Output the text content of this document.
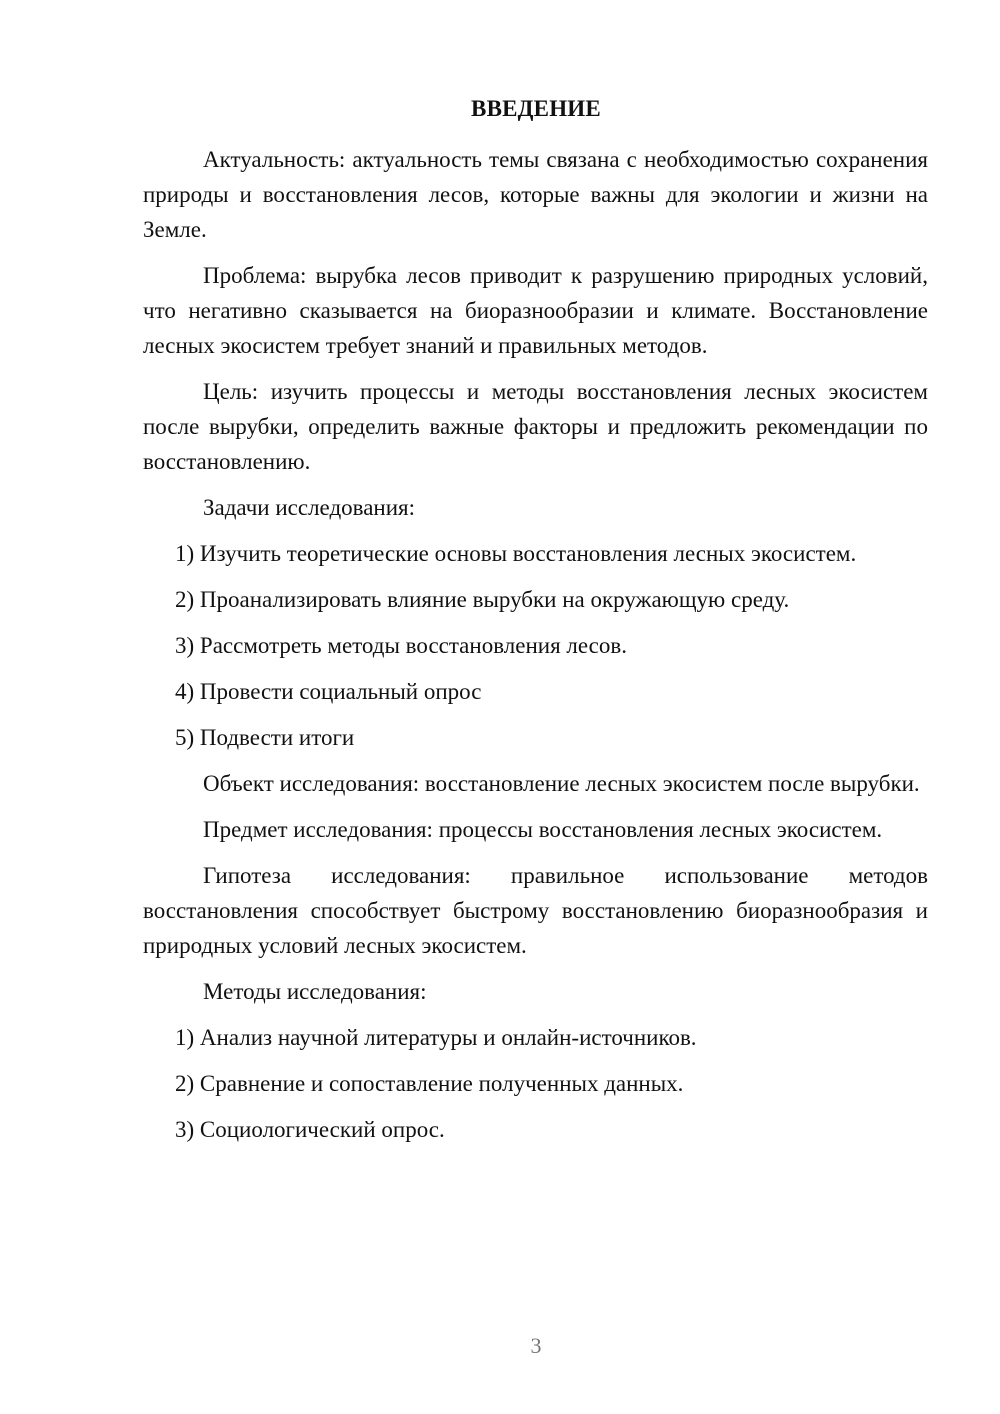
ВВЕДЕНИЕ

Актуальность: актуальность темы связана с необходимостью сохранения природы и восстановления лесов, которые важны для экологии и жизни на Земле.

Проблема: вырубка лесов приводит к разрушению природных условий, что негативно сказывается на биоразнообразии и климате. Восстановление лесных экосистем требует знаний и правильных методов.

Цель: изучить процессы и методы восстановления лесных экосистем после вырубки, определить важные факторы и предложить рекомендации по восстановлению.

Задачи исследования:

1) Изучить теоретические основы восстановления лесных экосистем.
2) Проанализировать влияние вырубки на окружающую среду.
3) Рассмотреть методы восстановления лесов.
4) Провести социальный опрос
5) Подвести итоги

Объект исследования: восстановление лесных экосистем после вырубки.

Предмет исследования: процессы восстановления лесных экосистем.

Гипотеза исследования: правильное использование методов восстановления способствует быстрому восстановлению биоразнообразия и природных условий лесных экосистем.

Методы исследования:

1) Анализ научной литературы и онлайн-источников.
2) Сравнение и сопоставление полученных данных.
3) Социологический опрос.
3
